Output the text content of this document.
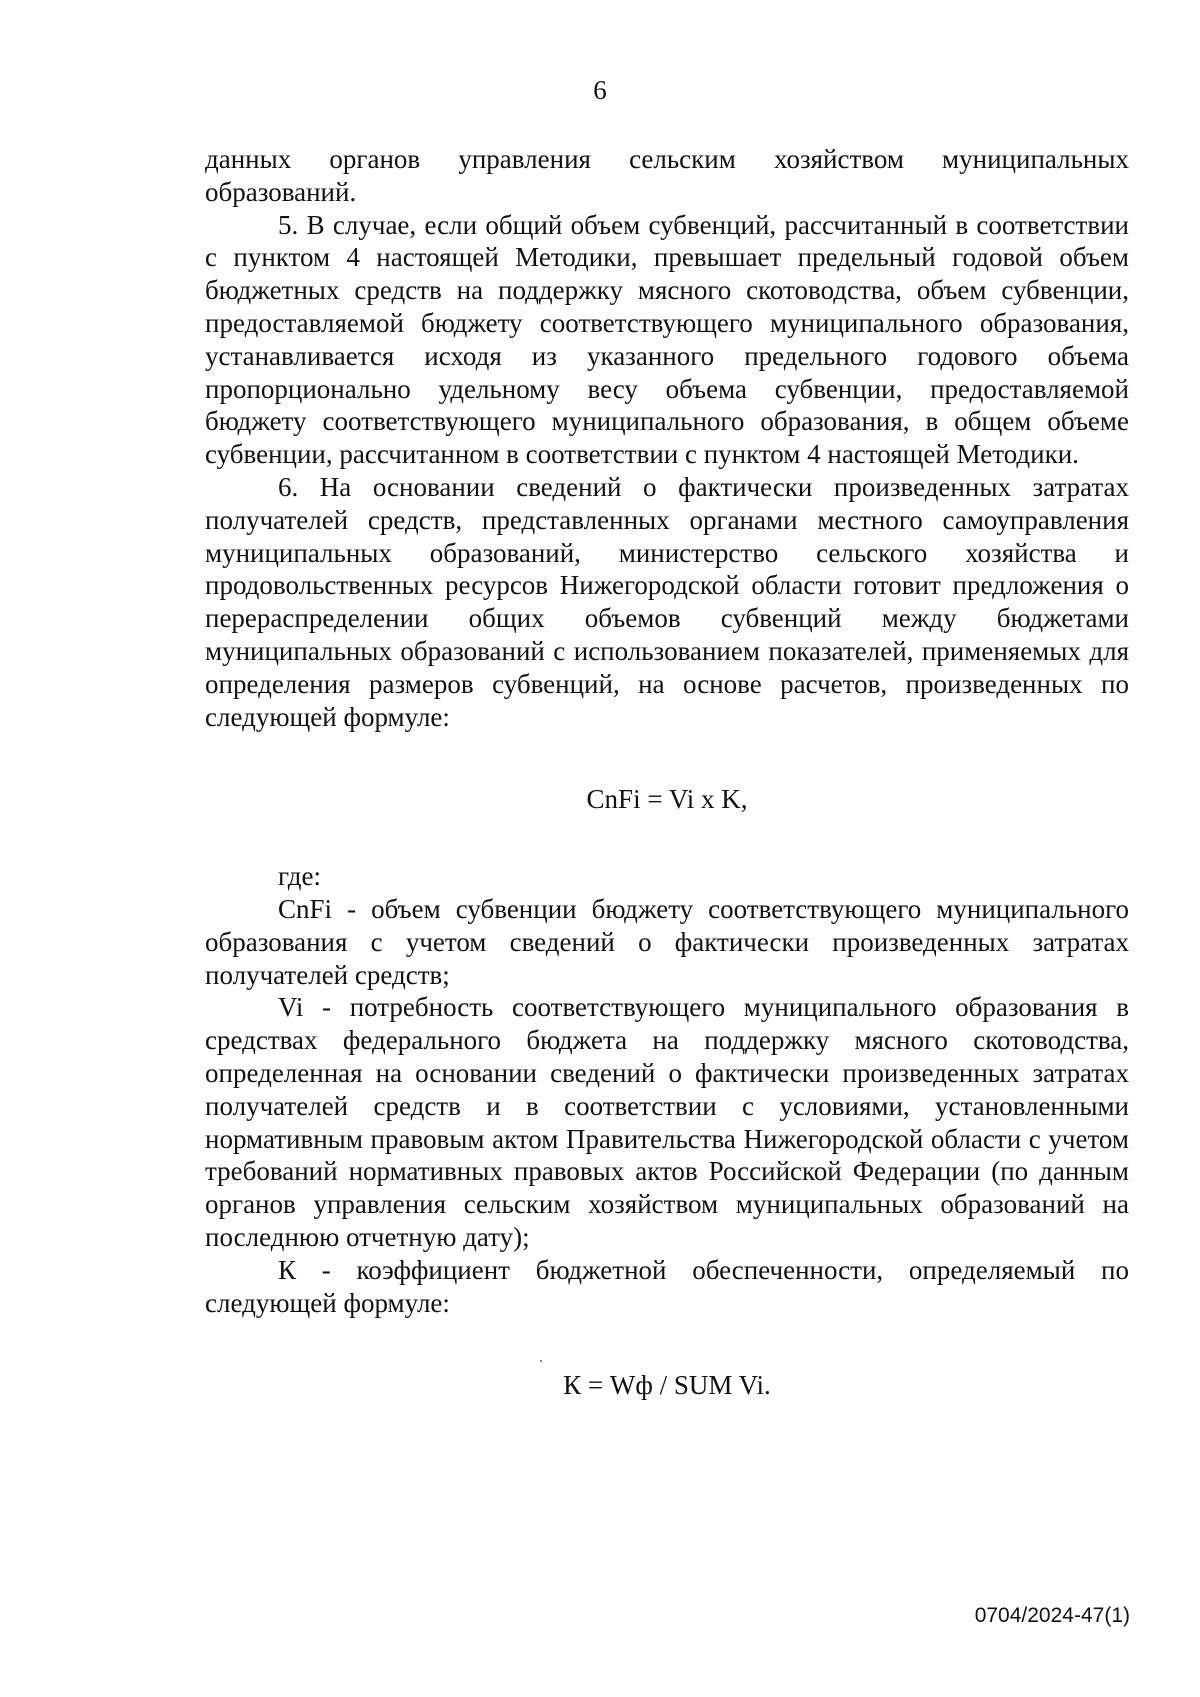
6

данных органов управления сельским хозяйством муниципальных образований.

5. В случае, если общий объем субвенций, рассчитанный в соответствии с пунктом 4 настоящей Методики, превышает предельный годовой объем бюджетных средств на поддержку мясного скотоводства, объем субвенции, предоставляемой бюджету соответствующего муниципального образования, устанавливается исходя из указанного предельного годового объема пропорционально удельному весу объема субвенции, предоставляемой бюджету соответствующего муниципального образования, в общем объеме субвенции, рассчитанном в соответствии с пунктом 4 настоящей Методики.

6. На основании сведений о фактически произведенных затратах получателей средств, представленных органами местного самоуправления муниципальных образований, министерство сельского хозяйства и продовольственных ресурсов Нижегородской области готовит предложения о перераспределении общих объемов субвенций между бюджетами муниципальных образований с использованием показателей, применяемых для определения размеров субвенций, на основе расчетов, произведенных по следующей формуле:

CnFi = Vi x K,

где:

CnFi - объем субвенции бюджету соответствующего муниципального образования с учетом сведений о фактически произведенных затратах получателей средств;

Vi - потребность соответствующего муниципального образования в средствах федерального бюджета на поддержку мясного скотоводства, определенная на основании сведений о фактически произведенных затратах получателей средств и в соответствии с условиями, установленными нормативным правовым актом Правительства Нижегородской области с учетом требований нормативных правовых актов Российской Федерации (по данным органов управления сельским хозяйством муниципальных образований на последнюю отчетную дату);

К - коэффициент бюджетной обеспеченности, определяемый по следующей формуле:

К = Wф / SUM Vi.

0704/2024-47(1)
